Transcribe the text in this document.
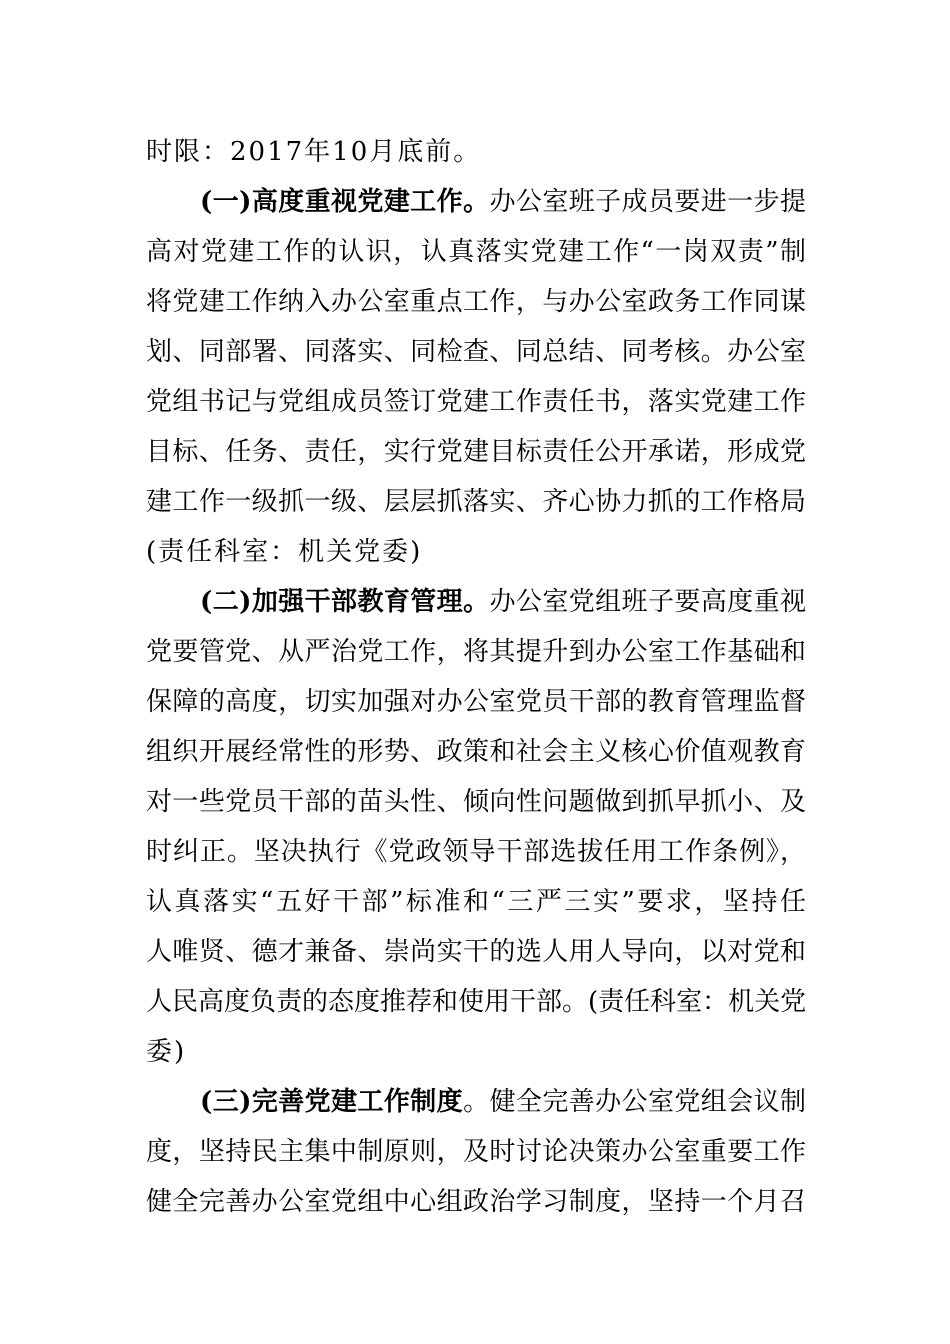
时限：2017年10月底前。
(一)高度重视党建工作。办公室班子成员要进一步提
高对党建工作的认识，认真落实党建工作“一岗双责”制
将党建工作纳入办公室重点工作，与办公室政务工作同谋
划、同部署、同落实、同检查、同总结、同考核。办公室
党组书记与党组成员签订党建工作责任书，落实党建工作
目标、任务、责任，实行党建目标责任公开承诺，形成党
建工作一级抓一级、层层抓落实、齐心协力抓的工作格局
(责任科室：机关党委)
(二)加强干部教育管理。办公室党组班子要高度重视
党要管党、从严治党工作，将其提升到办公室工作基础和
保障的高度，切实加强对办公室党员干部的教育管理监督
组织开展经常性的形势、政策和社会主义核心价值观教育
对一些党员干部的苗头性、倾向性问题做到抓早抓小、及
时纠正。坚决执行《党政领导干部选拔任用工作条例》，
认真落实“五好干部”标准和“三严三实”要求，坚持任
人唯贤、德才兼备、崇尚实干的选人用人导向，以对党和
人民高度负责的态度推荐和使用干部。(责任科室：机关党
委)
(三)完善党建工作制度。健全完善办公室党组会议制
度，坚持民主集中制原则，及时讨论决策办公室重要工作
健全完善办公室党组中心组政治学习制度，坚持一个月召
